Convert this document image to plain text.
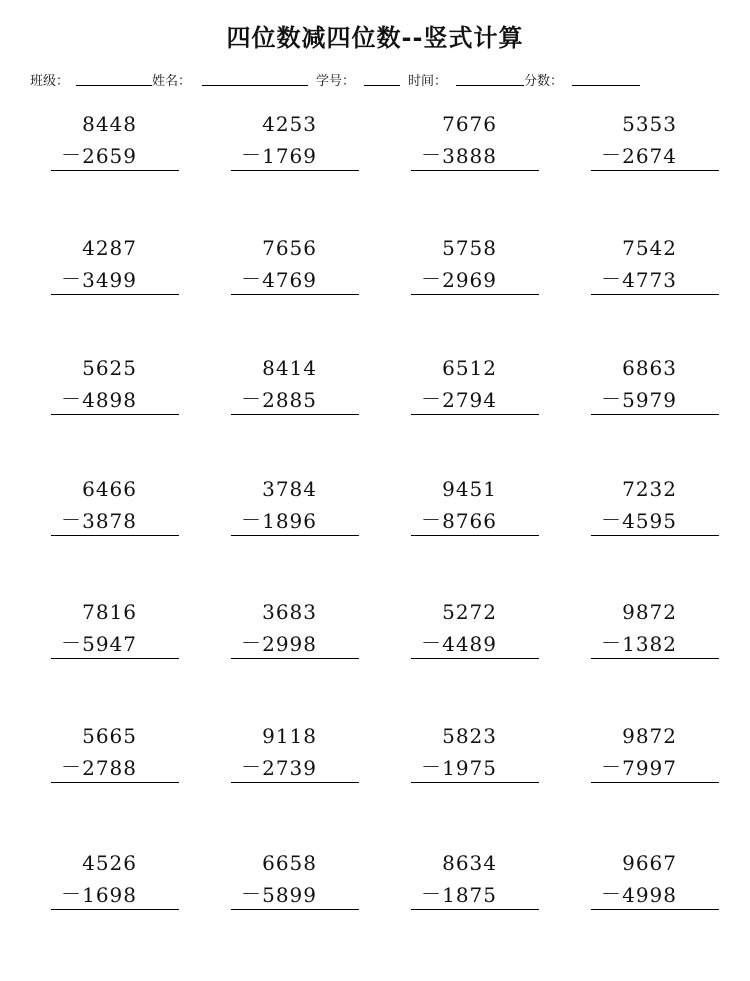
四位数减四位数--竖式计算
班级：	姓名：	学号：	时间：	分数：
8448
－ 2659
4253
－ 1769
7676
－ 3888
5353
－ 2674
4287
－ 3499
7656
－ 4769
5758
－ 2969
7542
－ 4773
5625
－ 4898
8414
－ 2885
6512
－ 2794
6863
－ 5979
6466
－ 3878
3784
－ 1896
9451
－ 8766
7232
－ 4595
7816
－ 5947
3683
－ 2998
5272
－ 4489
9872
－ 1382
5665
－ 2788
9118
－ 2739
5823
－ 1975
9872
－ 7997
4526
－ 1698
6658
－ 5899
8634
－ 1875
9667
－ 4998
